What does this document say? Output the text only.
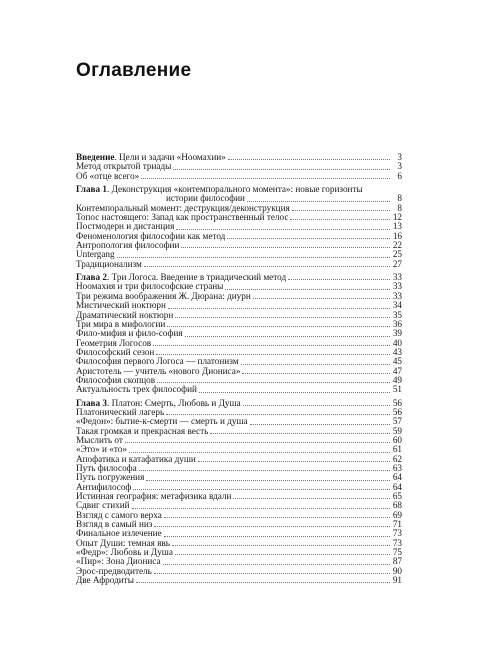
Оглавление
Введение. Цели и задачи «Ноомахии»	3
Метод открытой триады	3
Об «отце всего»	6
Глава 1. Деконструкция «контемпорального момента»: новые горизонты
истории философии	8
Контемпоральный момент: деструкция/деконструкция	8
Топос настоящего: Запад как пространственный телос	12
Постмодерн и дистанция	13
Феноменология философии как метод	16
Антропология философии	22
Untergang	25
Традиционализм	27
Глава 2. Три Логоса. Введение в триадический метод	33
Ноомахия и три философские страны	33
Три режима воображения Ж. Дюрана: диурн	33
Мистический ноктюрн	34
Драматический ноктюрн	35
Три мира в мифологии	36
Фило-мифия и фило-софия	39
Геометрия Логосов	40
Философский сезон	43
Философия первого Логоса — платонизм	45
Аристотель — учитель «нового Диониса»	47
Философия скопцов	49
Актуальность трех философий	51
Глава 3. Платон: Смерть, Любовь и Душа	56
Платонический лагерь	56
«Федон»: бытие-к-смерти — смерть и душа	57
Такая громкая и прекрасная весть	59
Мыслить от	60
«Это» и «то»	61
Апофатика и катафатика души	62
Путь философа	63
Путь погружения	64
Антифилософ	64
Истинная география: метафизика вдали	65
Сдвиг стихий	68
Взгляд с самого верха	69
Взгляд в самый низ	71
Финальное излечение	73
Опыт Души: темная явь	73
«Федр»: Любовь и Душа	75
«Пир»: Зона Диониса	87
Эрос-предводитель	90
Две Афродиты	91
